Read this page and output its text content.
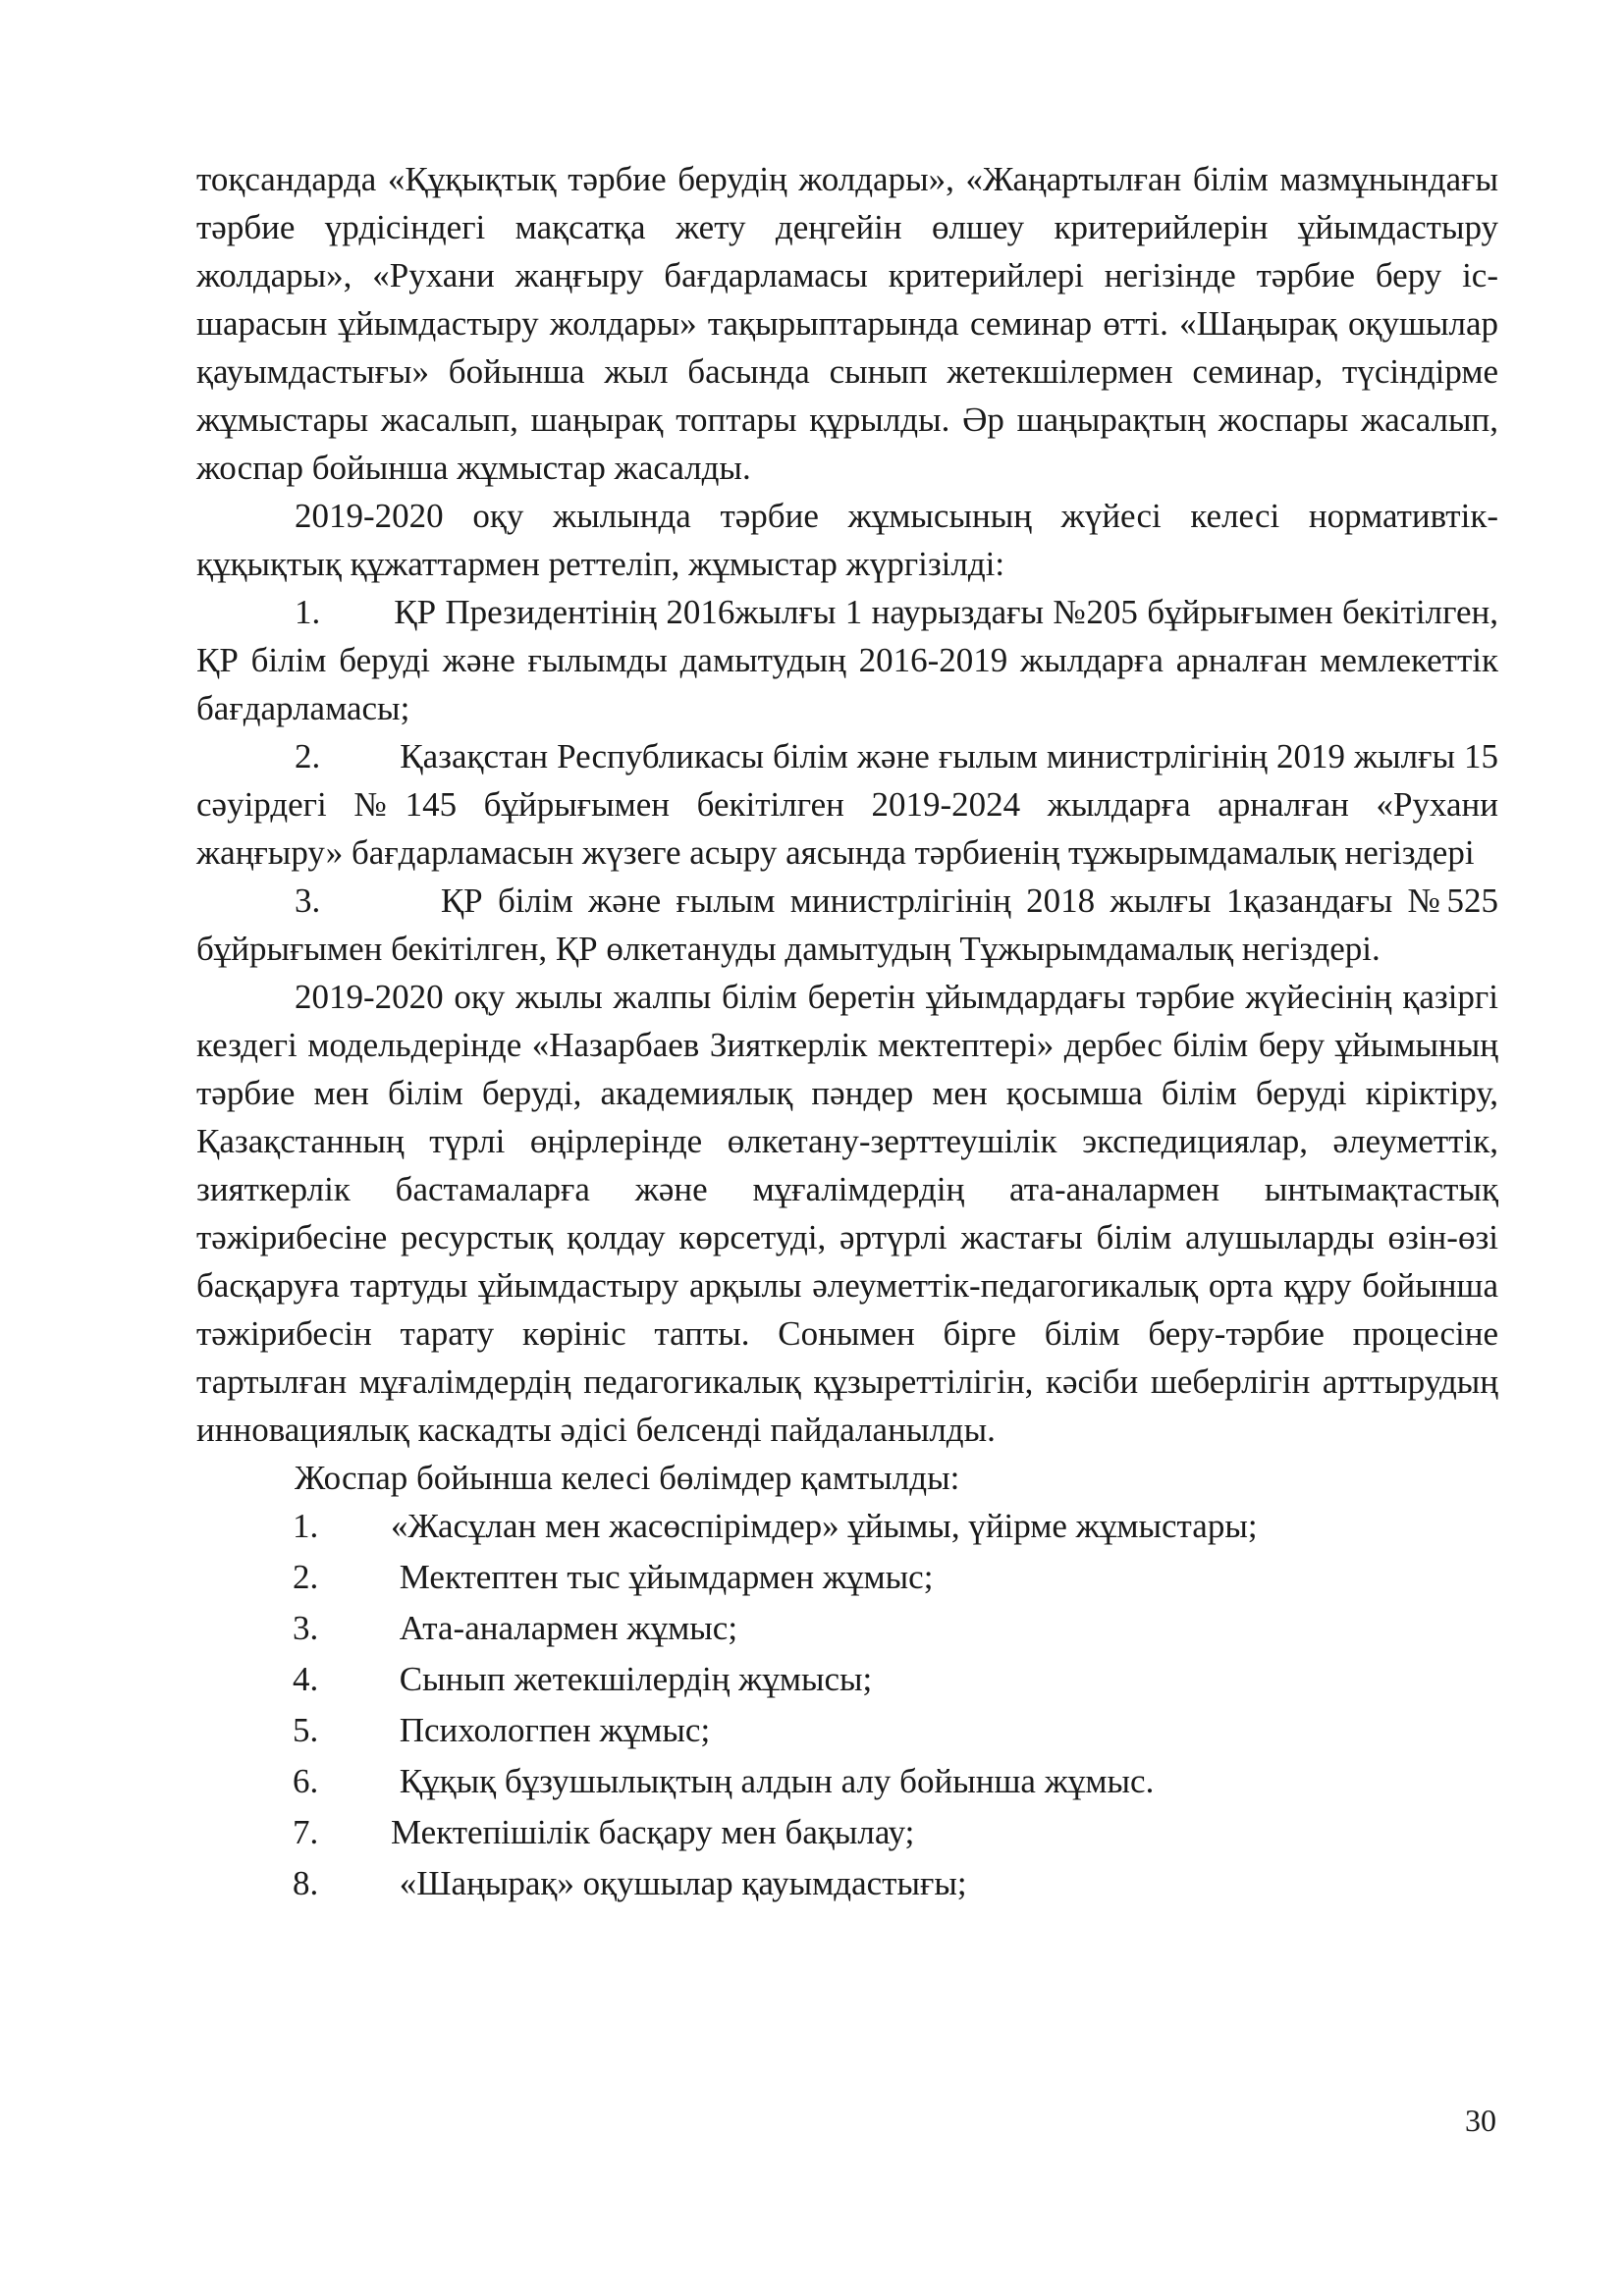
тоқсандарда «Құқықтық тәрбие берудің жолдары», «Жаңартылған білім мазмұнындағы тәрбие үрдісіндегі мақсатқа жету деңгейін өлшеу критерийлерін ұйымдастыру жолдары», «Рухани жаңғыру бағдарламасы критерийлері негізінде тәрбие беру іс-шарасын ұйымдастыру жолдары» тақырыптарында семинар өтті. «Шаңырақ оқушылар қауымдастығы» бойынша жыл басында сынып жетекшілермен семинар, түсіндірме жұмыстары жасалып, шаңырақ топтары құрылды. Әр шаңырақтың жоспары жасалып, жоспар бойынша жұмыстар жасалды.

2019-2020 оқу жылында тәрбие жұмысының жүйесі келесі нормативтік-құқықтық құжаттармен реттеліп, жұмыстар жүргізілді:

1.        ҚР Президентінің 2016жылғы 1 наурыздағы №205 бұйрығымен бекітілген, ҚР білім беруді және ғылымды дамытудың 2016-2019 жылдарға арналған мемлекеттік бағдарламасы;

2.         Қазақстан Республикасы білім және ғылым министрлігінің 2019 жылғы 15 сәуірдегі №145 бұйрығымен бекітілген 2019-2024 жылдарға арналған «Рухани жаңғыру» бағдарламасын жүзеге асыру аясында тәрбиенің тұжырымдамалық негіздері

3.        ҚР білім және ғылым министрлігінің 2018 жылғы 1қазандағы №525 бұйрығымен бекітілген, ҚР өлкетануды дамытудың Тұжырымдамалық негіздері.

2019-2020 оқу жылы жалпы білім беретін ұйымдардағы тәрбие жүйесінің қазіргі кездегі модельдерінде «Назарбаев Зияткерлік мектептері» дербес білім беру ұйымының тәрбие мен білім беруді, академиялық пәндер мен қосымша білім беруді кіріктіру, Қазақстанның түрлі өңірлерінде өлкетану-зерттеушілік экспедициялар, әлеуметтік, зияткерлік бастамаларға және мұғалімдердің ата-аналармен ынтымақтастық тәжірибесіне ресурстық қолдау көрсетуді, әртүрлі жастағы білім алушыларды өзін-өзі басқаруға тартуды ұйымдастыру арқылы әлеуметтік-педагогикалық орта құру бойынша тәжірибесін тарату көрініс тапты. Сонымен бірге білім беру-тәрбие процесіне тартылған мұғалімдердің педагогикалық құзыреттілігін, кәсіби шеберлігін арттырудың инновациялық каскадты әдісі белсенді пайдаланылды.

Жоспар бойынша келесі бөлімдер қамтылды:

1.	«Жасұлан мен жасөспірімдер» ұйымы, үйірме жұмыстары;
2.	Мектептен тыс ұйымдармен жұмыс;
3.	Ата-аналармен жұмыс;
4.	Сынып жетекшілердің жұмысы;
5.	Психологпен жұмыс;
6.	Құқық бұзушылықтың алдын алу бойынша жұмыс.
7.	Мектепішілік басқару мен бақылау;
8.	«Шаңырақ» оқушылар қауымдастығы;
30
